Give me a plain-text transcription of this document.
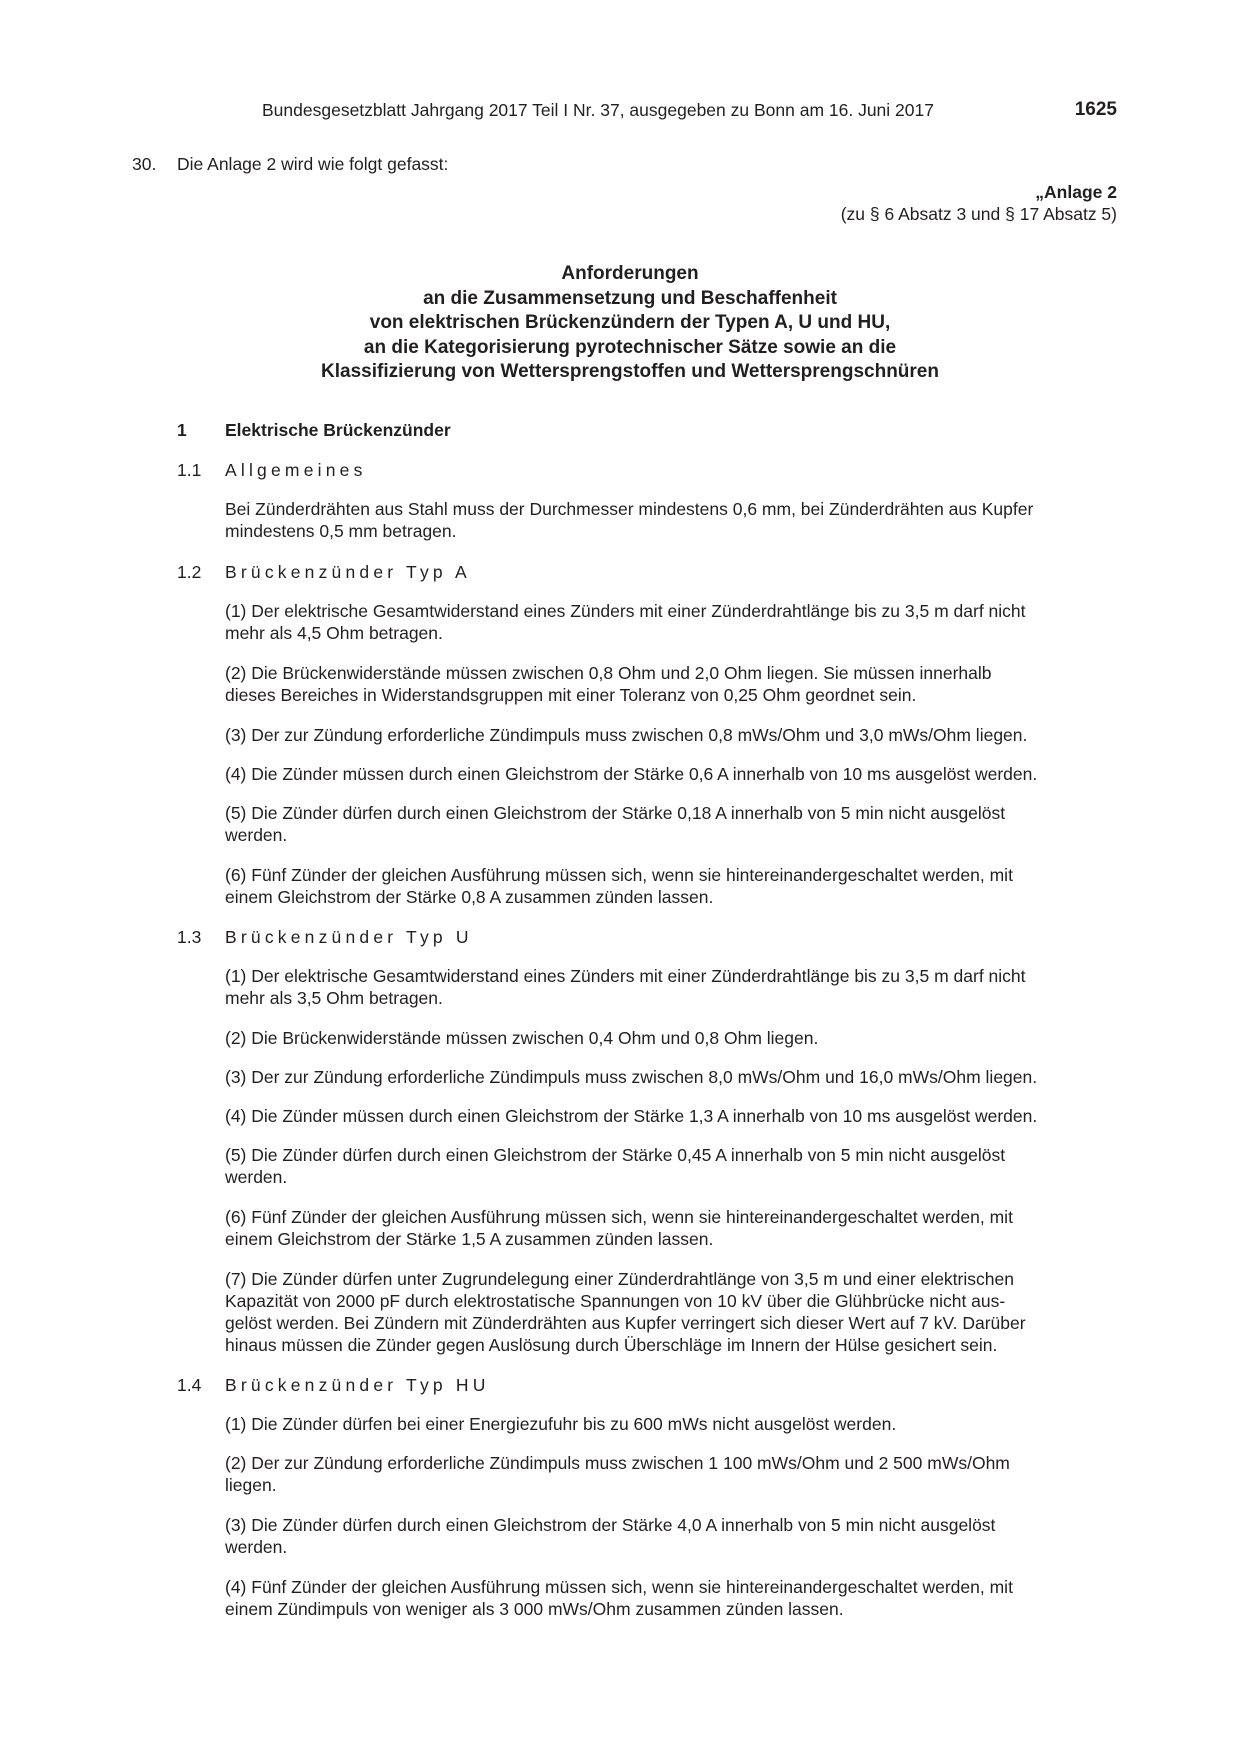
Bundesgesetzblatt Jahrgang 2017 Teil I Nr. 37, ausgegeben zu Bonn am 16. Juni 2017	1625
30. Die Anlage 2 wird wie folgt gefasst:
„Anlage 2
(zu § 6 Absatz 3 und § 17 Absatz 5)
Anforderungen
an die Zusammensetzung und Beschaffenheit
von elektrischen Brückenzündern der Typen A, U und HU,
an die Kategorisierung pyrotechnischer Sätze sowie an die
Klassifizierung von Wettersprengstoffen und Wettersprengschnüren
1 Elektrische Brückenzünder
1.1 Allgemeines
Bei Zünderdrähten aus Stahl muss der Durchmesser mindestens 0,6 mm, bei Zünderdrähten aus Kupfer
mindestens 0,5 mm betragen.
1.2 Brückenzünder Typ A
(1) Der elektrische Gesamtwiderstand eines Zünders mit einer Zünderdrahtlänge bis zu 3,5 m darf nicht
mehr als 4,5 Ohm betragen.
(2) Die Brückenwiderstände müssen zwischen 0,8 Ohm und 2,0 Ohm liegen. Sie müssen innerhalb
dieses Bereiches in Widerstandsgruppen mit einer Toleranz von 0,25 Ohm geordnet sein.
(3) Der zur Zündung erforderliche Zündimpuls muss zwischen 0,8 mWs/Ohm und 3,0 mWs/Ohm liegen.
(4) Die Zünder müssen durch einen Gleichstrom der Stärke 0,6 A innerhalb von 10 ms ausgelöst werden.
(5) Die Zünder dürfen durch einen Gleichstrom der Stärke 0,18 A innerhalb von 5 min nicht ausgelöst
werden.
(6) Fünf Zünder der gleichen Ausführung müssen sich, wenn sie hintereinandergeschaltet werden, mit
einem Gleichstrom der Stärke 0,8 A zusammen zünden lassen.
1.3 Brückenzünder Typ U
(1) Der elektrische Gesamtwiderstand eines Zünders mit einer Zünderdrahtlänge bis zu 3,5 m darf nicht
mehr als 3,5 Ohm betragen.
(2) Die Brückenwiderstände müssen zwischen 0,4 Ohm und 0,8 Ohm liegen.
(3) Der zur Zündung erforderliche Zündimpuls muss zwischen 8,0 mWs/Ohm und 16,0 mWs/Ohm liegen.
(4) Die Zünder müssen durch einen Gleichstrom der Stärke 1,3 A innerhalb von 10 ms ausgelöst werden.
(5) Die Zünder dürfen durch einen Gleichstrom der Stärke 0,45 A innerhalb von 5 min nicht ausgelöst
werden.
(6) Fünf Zünder der gleichen Ausführung müssen sich, wenn sie hintereinandergeschaltet werden, mit
einem Gleichstrom der Stärke 1,5 A zusammen zünden lassen.
(7) Die Zünder dürfen unter Zugrundelegung einer Zünderdrahtlänge von 3,5 m und einer elektrischen
Kapazität von 2000 pF durch elektrostatische Spannungen von 10 kV über die Glühbrücke nicht aus-
gelöst werden. Bei Zündern mit Zünderdrähten aus Kupfer verringert sich dieser Wert auf 7 kV. Darüber
hinaus müssen die Zünder gegen Auslösung durch Überschläge im Innern der Hülse gesichert sein.
1.4 Brückenzünder Typ HU
(1) Die Zünder dürfen bei einer Energiezufuhr bis zu 600 mWs nicht ausgelöst werden.
(2) Der zur Zündung erforderliche Zündimpuls muss zwischen 1 100 mWs/Ohm und 2 500 mWs/Ohm
liegen.
(3) Die Zünder dürfen durch einen Gleichstrom der Stärke 4,0 A innerhalb von 5 min nicht ausgelöst
werden.
(4) Fünf Zünder der gleichen Ausführung müssen sich, wenn sie hintereinandergeschaltet werden, mit
einem Zündimpuls von weniger als 3 000 mWs/Ohm zusammen zünden lassen.
